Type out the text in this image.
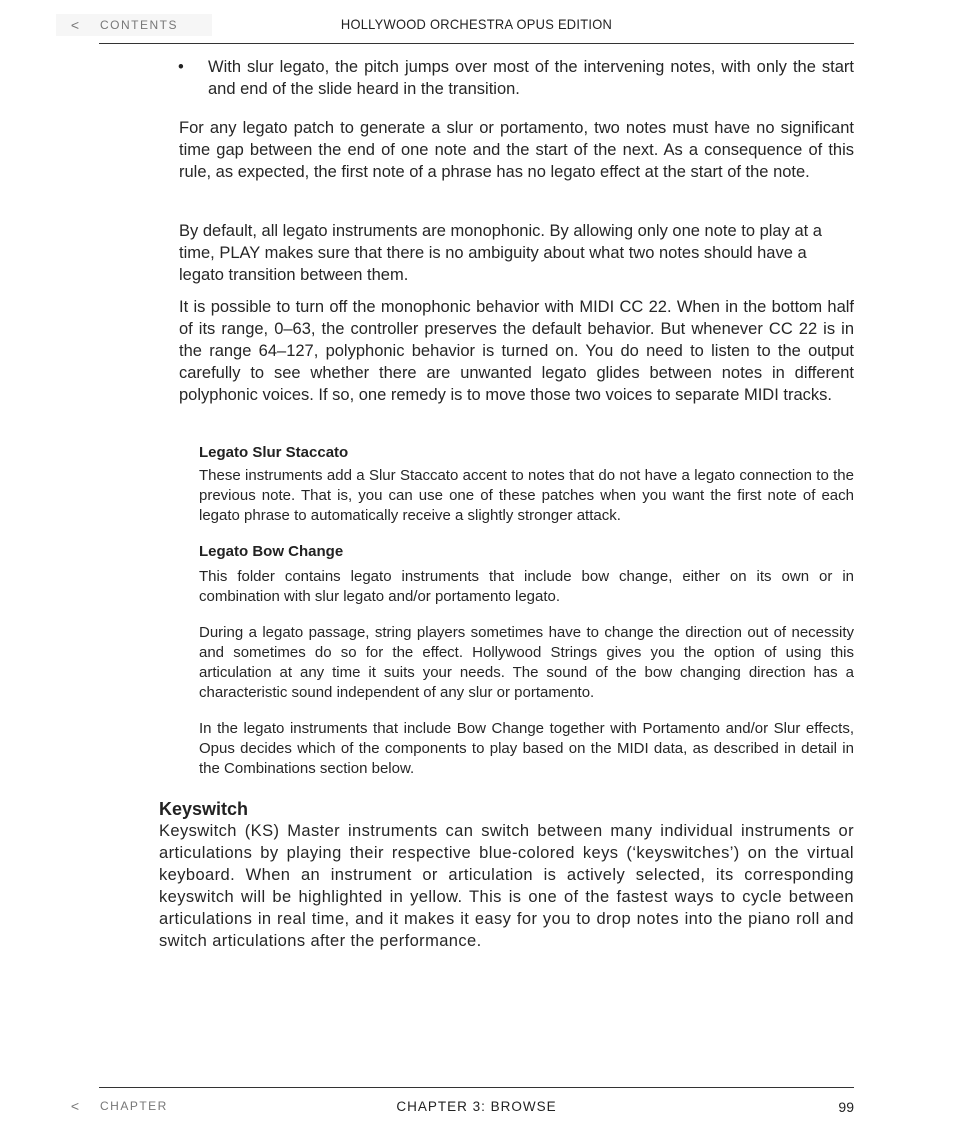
< CONTENTS	HOLLYWOOD ORCHESTRA OPUS EDITION
•	With slur legato, the pitch jumps over most of the intervening notes, with only the start and end of the slide heard in the transition.

For any legato patch to generate a slur or portamento, two notes must have no significant time gap between the end of one note and the start of the next. As a consequence of this rule, as expected, the first note of a phrase has no legato effect at the start of the note.

By default, all legato instruments are monophonic. By allowing only one note to play at a time, PLAY makes sure that there is no ambiguity about what two notes should have a legato transition between them.

It is possible to turn off the monophonic behavior with MIDI CC 22. When in the bottom half of its range, 0–63, the controller preserves the default behavior. But whenever CC 22 is in the range 64–127, polyphonic behavior is turned on. You do need to listen to the output carefully to see whether there are unwanted legato glides between notes in different polyphonic voices. If so, one remedy is to move those two voices to separate MIDI tracks.

Legato Slur Staccato

These instruments add a Slur Staccato accent to notes that do not have a legato connection to the previous note. That is, you can use one of these patches when you want the first note of each legato phrase to automatically receive a slightly stronger attack.

Legato Bow Change

This folder contains legato instruments that include bow change, either on its own or in combination with slur legato and/or portamento legato.

During a legato passage, string players sometimes have to change the direction out of necessity and sometimes do so for the effect. Hollywood Strings gives you the option of using this articulation at any time it suits your needs. The sound of the bow changing direction has a characteristic sound independent of any slur or portamento.

In the legato instruments that include Bow Change together with Portamento and/or Slur effects, Opus decides which of the components to play based on the MIDI data, as described in detail in the Combinations section below.

Keyswitch

Keyswitch (KS) Master instruments can switch between many individual instruments or articulations by playing their respective blue-colored keys (‘keyswitches’) on the virtual keyboard. When an instrument or articulation is actively selected, its corresponding keyswitch will be highlighted in yellow. This is one of the fastest ways to cycle between articulations in real time, and it makes it easy for you to drop notes into the piano roll and switch articulations after the performance.

< CHAPTER	CHAPTER 3: BROWSE	99
